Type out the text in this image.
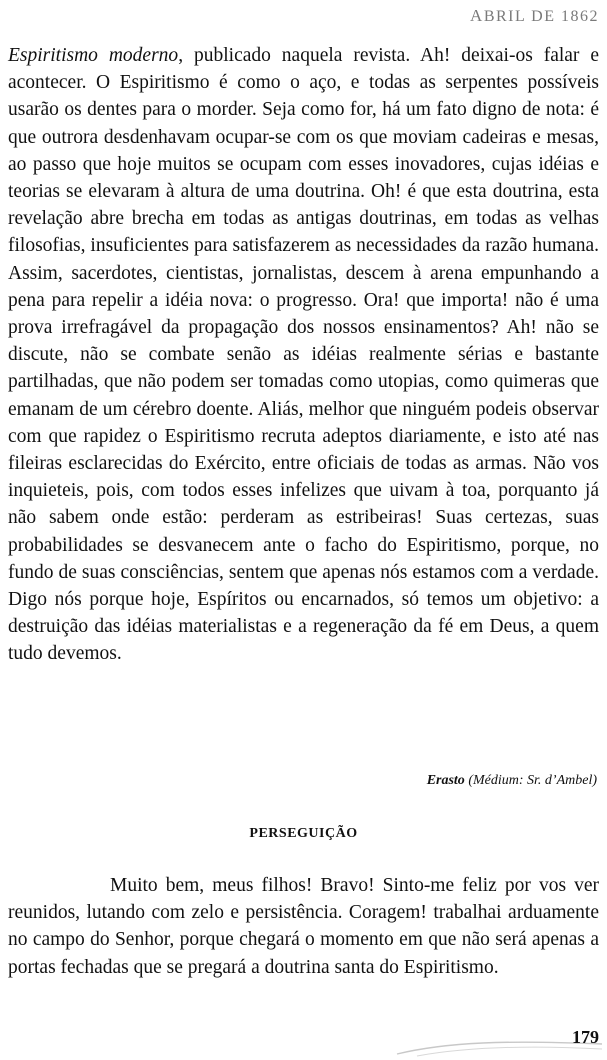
ABRIL DE 1862

Espiritismo moderno, publicado naquela revista. Ah! deixai-os falar e acontecer. O Espiritismo é como o aço, e todas as serpentes possíveis usarão os dentes para o morder. Seja como for, há um fato digno de nota: é que outrora desdenhavam ocupar-se com os que moviam cadeiras e mesas, ao passo que hoje muitos se ocupam com esses inovadores, cujas idéias e teorias se elevaram à altura de uma doutrina. Oh! é que esta doutrina, esta revelação abre brecha em todas as antigas doutrinas, em todas as velhas filosofias, insuficientes para satisfazerem as necessidades da razão humana. Assim, sacerdotes, cientistas, jornalistas, descem à arena empunhando a pena para repelir a idéia nova: o progresso. Ora! que importa! não é uma prova irrefragável da propagação dos nossos ensinamentos? Ah! não se discute, não se combate senão as idéias realmente sérias e bastante partilhadas, que não podem ser tomadas como utopias, como quimeras que emanam de um cérebro doente. Aliás, melhor que ninguém podeis observar com que rapidez o Espiritismo recruta adeptos diariamente, e isto até nas fileiras esclarecidas do Exército, entre oficiais de todas as armas. Não vos inquieteis, pois, com todos esses infelizes que uivam à toa, porquanto já não sabem onde estão: perderam as estribeiras! Suas certezas, suas probabilidades se desvanecem ante o facho do Espiritismo, porque, no fundo de suas consciências, sentem que apenas nós estamos com a verdade. Digo nós porque hoje, Espíritos ou encarnados, só temos um objetivo: a destruição das idéias materialistas e a regeneração da fé em Deus, a quem tudo devemos.

Erasto (Médium: Sr. d’Ambel)
PERSEGUIÇÃO

Muito bem, meus filhos! Bravo! Sinto-me feliz por vos ver reunidos, lutando com zelo e persistência. Coragem! trabalhai arduamente no campo do Senhor, porque chegará o momento em que não será apenas a portas fechadas que se pregará a doutrina santa do Espiritismo.

179
